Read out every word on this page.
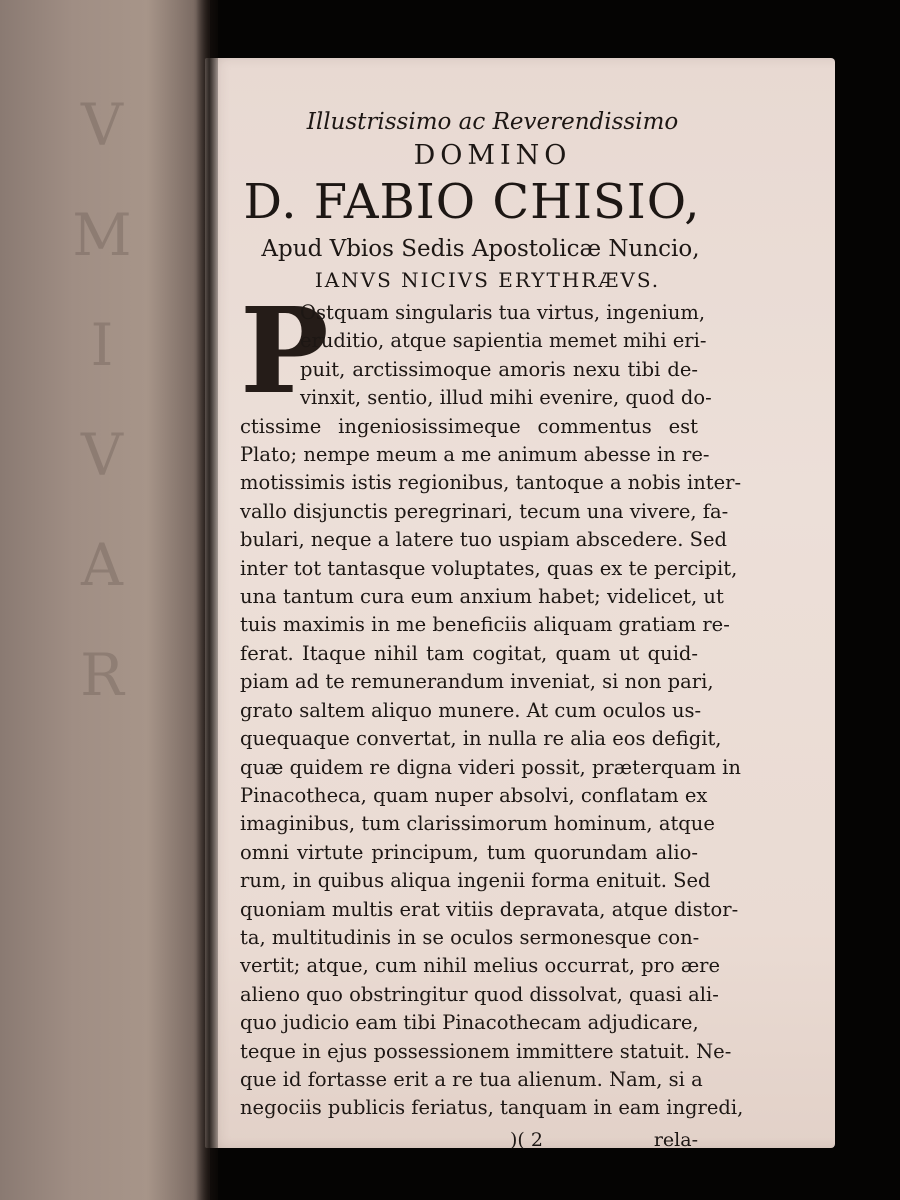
V
M
I
V
A
R
Illustrissimo ac Reverendissimo
DOMINO
D. FABIO CHISIO,
Apud Vbios Sedis Apostolicæ Nuncio,
IANVS NICIVS ERYTHRÆVS.
P
Ostquam singularis tua virtus, ingenium,
eruditio, atque sapientia memet mihi eri-
puit, arctissimoque amoris nexu tibi de-
vinxit, sentio, illud mihi evenire, quod do-
ctissime ingeniosissimeque commentus est
Plato; nempe meum a me animum abesse in re-
motissimis istis regionibus, tantoque a nobis inter-
vallo disjunctis peregrinari, tecum una vivere, fa-
bulari, neque a latere tuo uspiam abscedere. Sed
inter tot tantasque voluptates, quas ex te percipit,
una tantum cura eum anxium habet; videlicet, ut
tuis maximis in me beneficiis aliquam gratiam re-
ferat. Itaque nihil tam cogitat, quam ut quid-
piam ad te remunerandum inveniat, si non pari,
grato saltem aliquo munere. At cum oculos us-
quequaque convertat, in nulla re alia eos defigit,
quæ quidem re digna videri possit, præterquam in
Pinacotheca, quam nuper absolvi, conflatam ex
imaginibus, tum clarissimorum hominum, atque
omni virtute principum, tum quorundam alio-
rum, in quibus aliqua ingenii forma enituit. Sed
quoniam multis erat vitiis depravata, atque distor-
ta, multitudinis in se oculos sermonesque con-
vertit; atque, cum nihil melius occurrat, pro ære
alieno quo obstringitur quod dissolvat, quasi ali-
quo judicio eam tibi Pinacothecam adjudicare,
teque in ejus possessionem immittere statuit. Ne-
que id fortasse erit a re tua alienum. Nam, si a
negociis publicis feriatus, tanquam in eam ingredi,
)( 2	rela-
